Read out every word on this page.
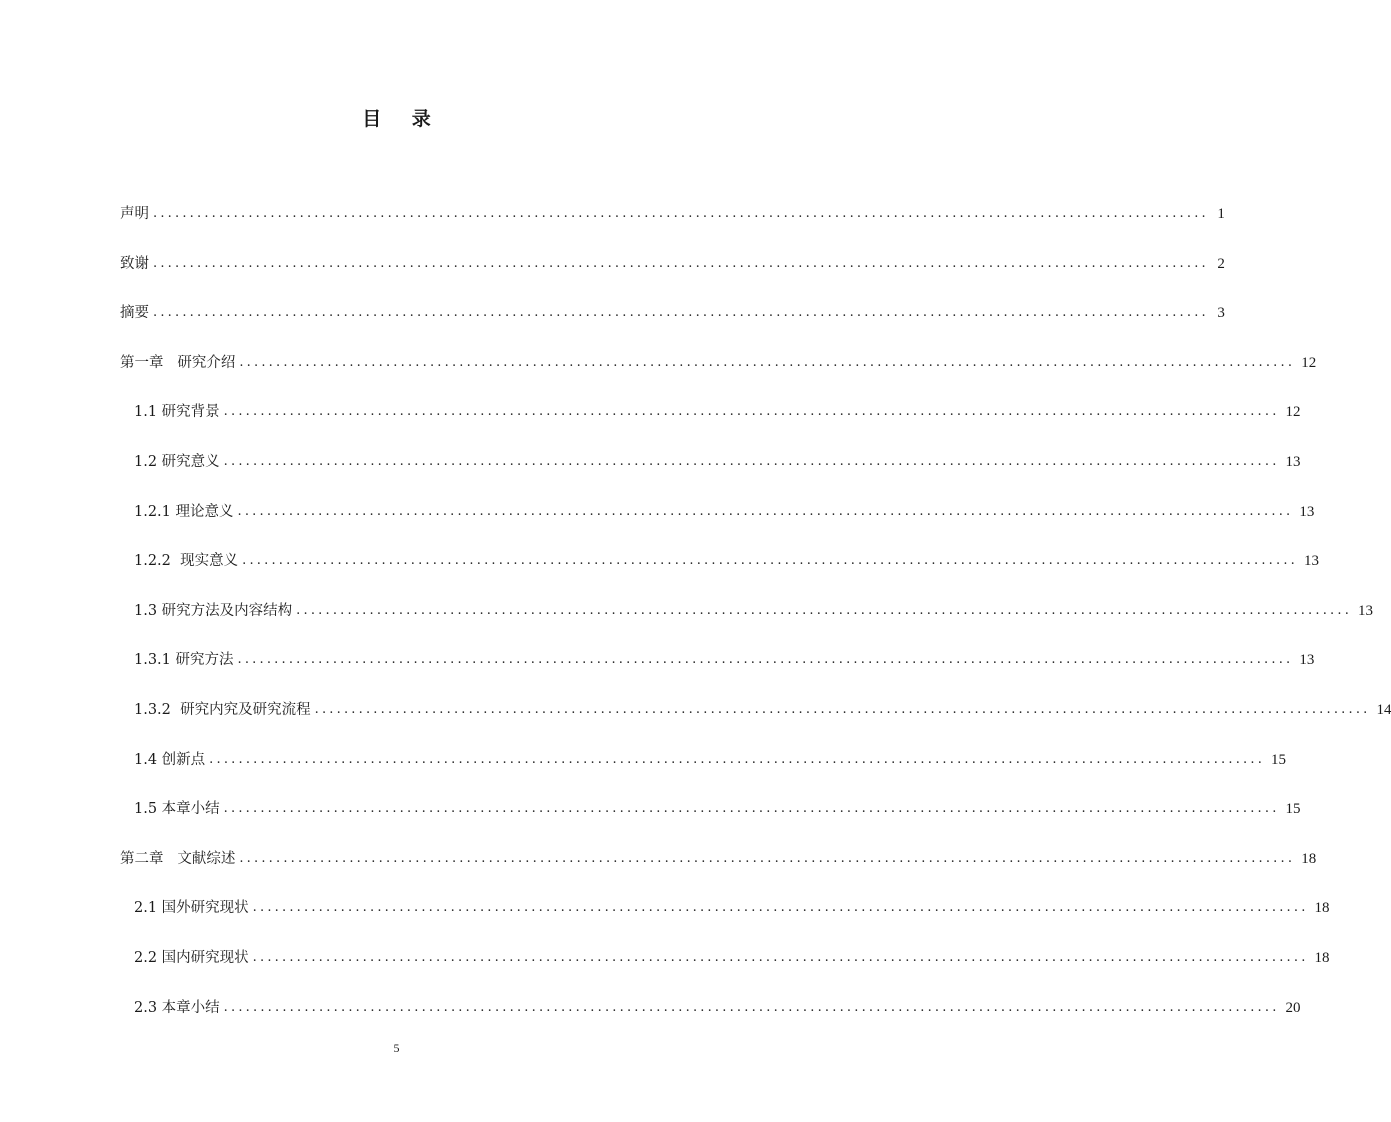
目 录
声明 ................................................................................................................................................ 1
致谢 ................................................................................................................................................ 2
摘要 ................................................................................................................................................ 3
第一章   研究介绍 ................................................................................................................................................ 12
1.1 研究背景 ................................................................................................................................................ 12
1.2 研究意义 ................................................................................................................................................ 13
1.2.1 理论意义 ................................................................................................................................................ 13
1.2.2  现实意义 ................................................................................................................................................ 13
1.3 研究方法及内容结构 ................................................................................................................................................ 13
1.3.1 研究方法 ................................................................................................................................................ 13
1.3.2  研究内究及研究流程 ................................................................................................................................................ 14
1.4 创新点 ................................................................................................................................................ 15
1.5 本章小结 ................................................................................................................................................ 15
第二章   文献综述 ................................................................................................................................................ 18
2.1 国外研究现状 ................................................................................................................................................ 18
2.2 国内研究现状 ................................................................................................................................................ 18
2.3 本章小结 ................................................................................................................................................ 20
5
